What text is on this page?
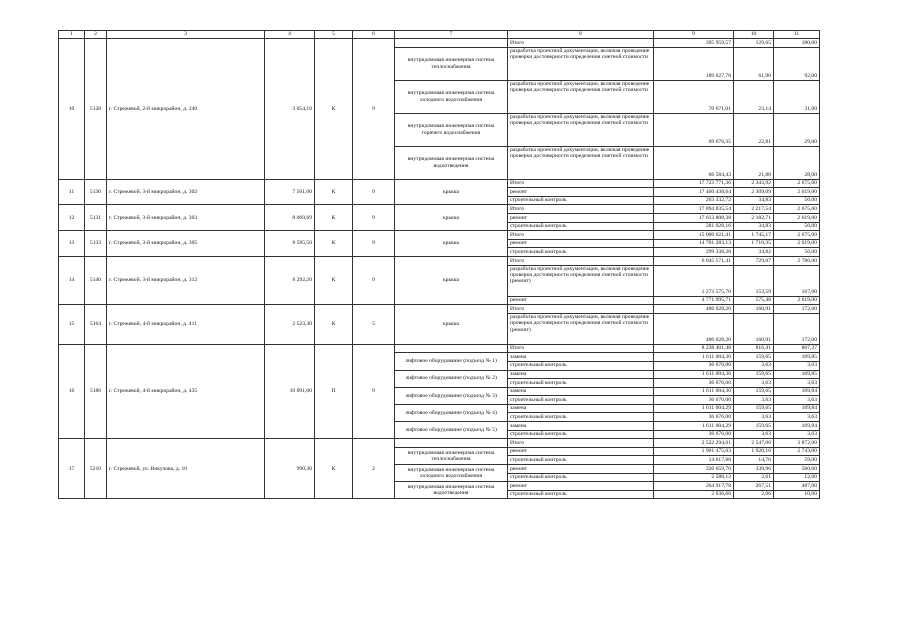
1	2	3	4	5	6	7	8	9	10	11
10	5128	г. Стрежевой, 2-й микрорайон, д. 240	3 054,10	К	9		Итого	395 959,57	129,65	180,00
						внутридомовая инженерная система теплоснабжения	разработка проектной документации, включая проведение проверки достоверности определения сметной стоимости	189 027,78	61,90	92,00
						внутридомовая инженерная система холодного водоснабжения	разработка проектной документации, включая проведение проверки достоверности определения сметной стоимости	70 671,01	23,14	31,00
						внутридомовая инженерная система горячего водоснабжения	разработка проектной документации, включая проведение проверки достоверности определения сметной стоимости	69 676,35	22,81	29,00
						внутридомовая инженерная система водоотведения	разработка проектной документации, включая проведение проверки достоверности определения сметной стоимости	66 584,43	21,80	28,00
11	5130	г. Стрежевой, 3-й микрорайон, д. 302	7 561,60	К	9	крыша	Итого	17 723 771,36	2 343,92	2 675,00
							ремонт	17 460 438,64	2 309,09	2 619,00
							строительный контроль	263 332,72	34,83	56,00
12	5131	г. Стрежевой, 3-й микрорайон, д. 303	8 069,69	К	9	крыша	Итого	17 894 835,54	2 217,54	2 675,00
							ремонт	17 613 808,38	2 182,71	2 619,00
							строительный контроль	281 028,16	34,83	56,00
13	5133	г. Стрежевой, 3-й микрорайон, д. 305	8 595,50	К	9	крыша	Итого	15 000 621,41	1 745,17	2 675,00
							ремонт	14 701 283,13	1 710,35	2 619,00
							строительный контроль	299 338,28	34,82	56,00
14	5140	г. Стрежевой, 3-й микрорайон, д. 312	8 292,20	К	9	крыша	Итого	6 045 571,41	729,07	2 786,00
							разработка проектной документации, включая проведение проверки достоверности определения сметной стоимости (ремонт)	1 273 575,70	153,59	167,00
							ремонт	4 771 995,71	575,48	2 619,00
15	5164	г. Стрежевой, 4-й микрорайон, д. 411	2 523,30	К	5	крыша	Итого	406 028,20	160,91	172,00
							разработка проектной документации, включая проведение проверки достоверности определения сметной стоимости (ремонт)	406 028,20	160,91	172,00
16	5186	г. Стрежевой, 4-й микрорайон, д. 435	10 091,00	П	9		Итого	8 238 401,48	816,41	867,37
						лифтовое оборудование (подъезд № 1)	замена	1 611 004,30	159,65	169,85
							строительный контроль	36 676,00	3,63	3,63
						лифтовое оборудование (подъезд № 2)	замена	1 611 004,30	159,65	169,85
							строительный контроль	36 676,00	3,63	3,63
						лифтовое оборудование (подъезд № 3)	замена	1 611 004,30	159,65	169,84
							строительный контроль	36 676,00	3,63	3,63
						лифтовое оборудование (подъезд № 4)	замена	1 611 004,29	159,65	169,84
							строительный контроль	36 676,00	3,63	3,63
						лифтовое оборудование (подъезд № 5)	замена	1 611 004,29	159,65	169,84
							строительный контроль	36 676,00	3,63	3,63
17	5210	г. Стрежевой, ул. Викулова, д. 10	990,30	К	2		Итого	2 522 294,61	2 547,00	3 872,00
						внутридомовая инженерная система теплоснабжения	ремонт	1 901 475,03	1 920,10	2 743,00
							строительный контроль	14 617,88	14,76	59,00
						внутридомовая инженерная система холодного водоснабжения	ремонт	336 659,70	339,96	560,00
							строительный контроль	2 588,12	2,61	12,00
						внутридомовая инженерная система водоотведения	ремонт	264 917,78	267,51	487,00
							строительный контроль	2 036,60	2,06	10,00
